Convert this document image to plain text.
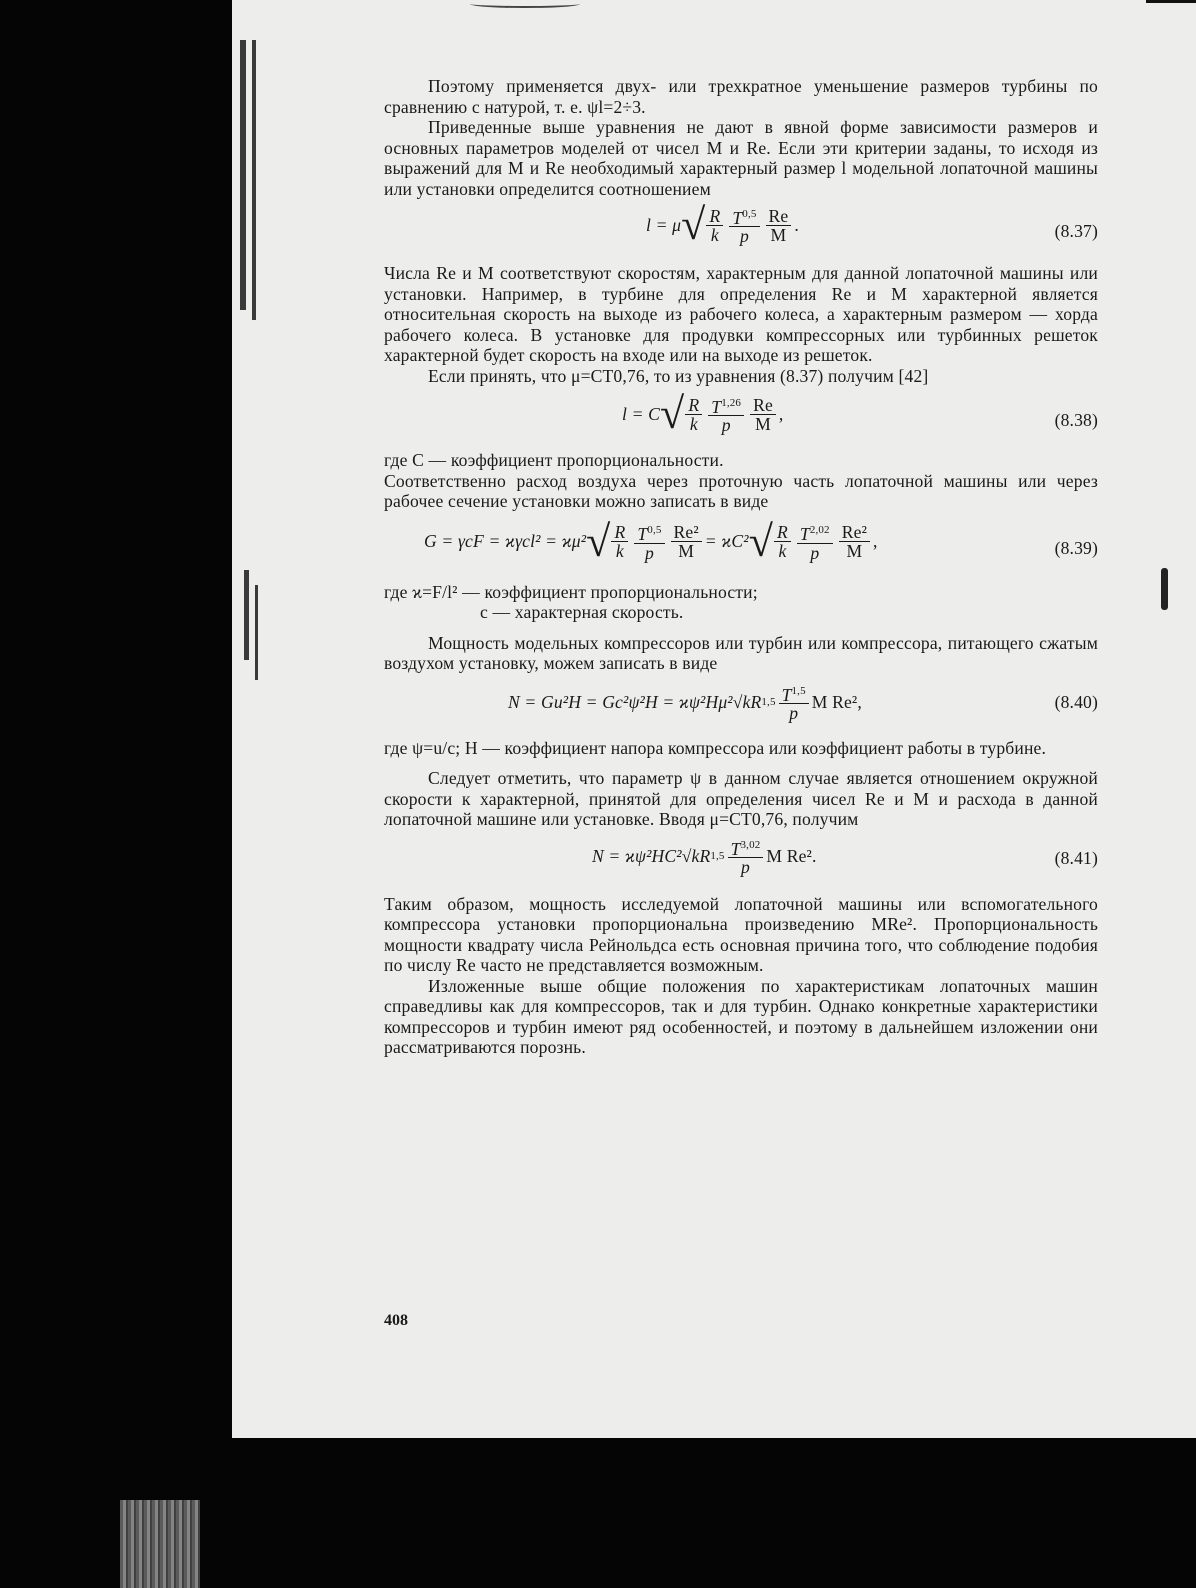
Поэтому применяется двух- или трехкратное уменьшение размеров турбины по сравнению с натурой, т. е. ψl=2÷3.

Приведенные выше уравнения не дают в явной форме зависимости размеров и основных параметров моделей от чисел M и Re. Если эти критерии заданы, то исходя из выражений для M и Re необходимый характерный размер l модельной лопаточной машины или установки определится соотношением

l = μ √ $\frac{R}{k} \frac{T^{0,5}}{p} \frac{Re}{M}$ .	(8.37)

Числа Re и M соответствуют скоростям, характерным для данной лопаточной машины или установки. Например, в турбине для определения Re и M характерной является относительная скорость на выходе из рабочего колеса, а характерным размером — хорда рабочего колеса. В установке для продувки компрессорных или турбинных решеток характерной будет скорость на входе или на выходе из решеток.

Если принять, что μ=CT0,76, то из уравнения (8.37) получим [42]

l = C √ $\frac{R}{k} \frac{T^{1,26}}{p} \frac{Re}{M}$ ,	(8.38)

где C — коэффициент пропорциональности.

Соответственно расход воздуха через проточную часть лопаточной машины или через рабочее сечение установки можно записать в виде

G = γcF = ϰγcl² = ϰμ² √ $\frac{R}{k} \frac{T^{0,5}}{p} \frac{\text{Re²}}{M} = ϰC^2$ √ $\frac{R}{k} \frac{T^{2,02}}{p} \frac{\text{Re²}}{M}$ ,	(8.39)

где ϰ=F/l² — коэффициент пропорциональности;

c — характерная скорость.

Мощность модельных компрессоров или турбин или компрессора, питающего сжатым воздухом установку, можем записать в виде

N = Gu²H = Gc²ψ²H = ϰψ²Hμ²√kR $1,5 \frac{T^{1,5}}{p}$ M Re²,	(8.40)

где ψ=u/c; H — коэффициент напора компрессора или коэффициент работы в турбине.

Следует отметить, что параметр ψ в данном случае является отношением окружной скорости к характерной, принятой для определения чисел Re и M и расхода в данной лопаточной машине или установке. Вводя μ=CT0,76, получим

N = ϰψ²HC²√kR $1,5 \frac{T^{3,02}}{p}$ M Re².	(8.41)

Таким образом, мощность исследуемой лопаточной машины или вспомогательного компрессора установки пропорциональна произведению MRe². Пропорциональность мощности квадрату числа Рейнольдса есть основная причина того, что соблюдение подобия по числу Re часто не представляется возможным.

Изложенные выше общие положения по характеристикам лопаточных машин справедливы как для компрессоров, так и для турбин. Однако конкретные характеристики компрессоров и турбин имеют ряд особенностей, и поэтому в дальнейшем изложении они рассматриваются порознь.

408
